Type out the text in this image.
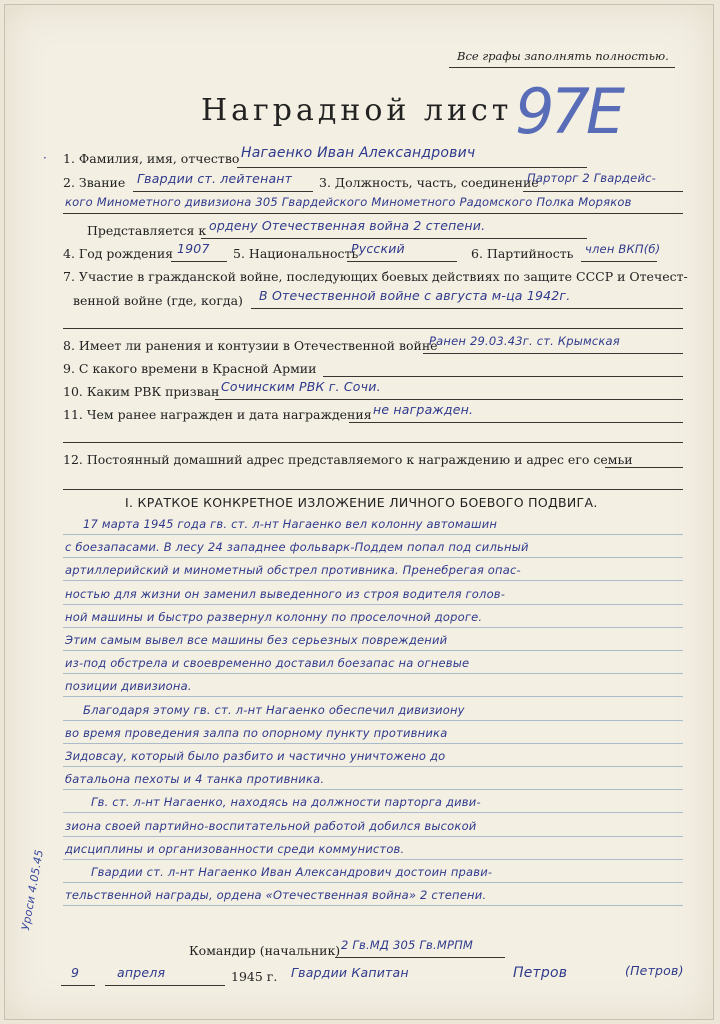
Все графы заполнять полностью.
Наградной лист 97Е
· 1. Фамилия, имя, отчество Нагаенко Иван Александрович
2. Звание Гвардии ст. лейтенант 3. Должность, часть, соединение
Парторг 2 Гвардейс-
кого Минометного дивизиона 305 Гвардейского Минометного Радомского Полка Моряков
Представляется к ордену Отечественная война 2 степени.
4. Год рождения 1907 5. Национальность
Русский	6. Партийность член ВКП(б)
7. Участие в гражданской войне, последующих боевых действиях по защите СССР и Отечест-
венной войне (где, когда) В Отечественной войне с августа м-ца 1942г.
8. Имеет ли ранения и контузии в Отечественной войне
Ранен 29.03.43г. ст. Крымская
9. С какого времени в Красной Армии
10. Каким РВК призван Сочинским РВК г. Сочи.
11. Чем ранее награжден и дата награждения не награжден.
12. Постоянный домашний адрес представляемого к награждению и адрес его семьи
I. КРАТКОЕ КОНКРЕТНОЕ ИЗЛОЖЕНИЕ ЛИЧНОГО БОЕВОГО ПОДВИГА.
17 марта 1945 года гв. ст. л-нт Нагаенко вел колонну автомашин
с боезапасами. В лесу 24 западнее фольварк-Поддем попал под сильный
артиллерийский и минометный обстрел противника. Пренебрегая опас-
ностью для жизни он заменил выведенного из строя водителя голов-
ной машины и быстро развернул колонну по проселочной дороге.
Этим самым вывел все машины без серьезных повреждений
из-под обстрела и своевременно доставил боезапас на огневые
позиции дивизиона.
Благодаря этому гв. ст. л-нт Нагаенко обеспечил дивизиону
во время проведения залпа по опорному пункту противника
Зидовсау, который было разбито и частично уничтожено до
батальона пехоты и 4 танка противника.
Гв. ст. л-нт Нагаенко, находясь на должности парторга диви-
зиона своей партийно-воспитательной работой добился высокой
дисциплины и организованности среди коммунистов.
Гвардии ст. л-нт Нагаенко Иван Александрович достоин прави-
тельственной награды, ордена «Отечественная война» 2 степени.
Уроси 4.05.45
Командир (начальник) 2 Гв.МД 305 Гв.МРПМ
9	апреля	1945 г. Гвардии Капитан	Петров	(Петров)
